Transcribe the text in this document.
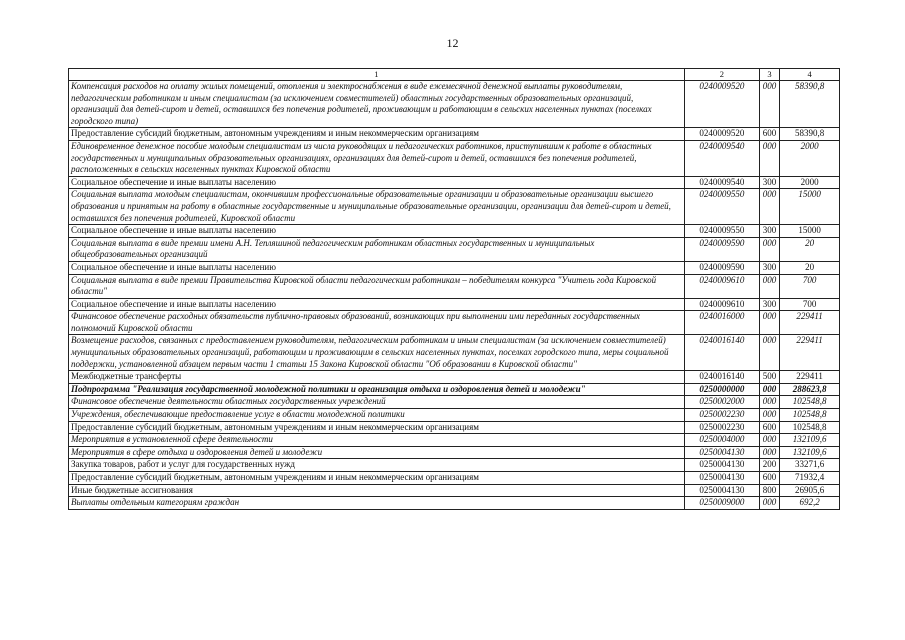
12
1	2	3	4
Компенсация расходов на оплату жилых помещений, отопления и электроснабжения в виде ежемесячной денежной выплаты руководителям, педагогическим работникам и иным специалистам (за исключением совместителей) областных государственных образовательных организаций, организаций для детей-сирот и детей, оставшихся без попечения родителей, проживающим и работающим в сельских населенных пунктах (поселках городского типа)	0240009520	000	58390,8
Предоставление субсидий бюджетным, автономным учреждениям и иным некоммерческим организациям	0240009520	600	58390,8
Единовременное денежное пособие молодым специалистам из числа руководящих и педагогических работников, приступившим к работе в областных государственных и муниципальных образовательных организациях, организациях для детей-сирот и детей, оставшихся без попечения родителей, расположенных в сельских населенных пунктах Кировской области	0240009540	000	2000
Социальное обеспечение и иные выплаты населению	0240009540	300	2000
Социальная выплата молодым специалистам, окончившим профессиональные образовательные организации и образовательные организации высшего образования и принятым на работу в областные государственные и муниципальные образовательные организации, организации для детей-сирот и детей, оставшихся без попечения родителей, Кировской области	0240009550	000	15000
Социальное обеспечение и иные выплаты населению	0240009550	300	15000
Социальная выплата в виде премии имени А.Н. Тепляшиной педагогическим работникам областных государственных и муниципальных общеобразовательных организаций	0240009590	000	20
Социальное обеспечение и иные выплаты населению	0240009590	300	20
Социальная выплата в виде премии Правительства Кировской области педагогическим работникам – победителям конкурса "Учитель года Кировской области"	0240009610	000	700
Социальное обеспечение и иные выплаты населению	0240009610	300	700
Финансовое обеспечение расходных обязательств публично-правовых образований, возникающих при выполнении ими переданных государственных полномочий Кировской области	0240016000	000	229411
Возмещение расходов, связанных с предоставлением руководителям, педагогическим работникам и иным специалистам (за исключением совместителей) муниципальных образовательных организаций, работающим и проживающим в сельских населенных пунктах, поселках городского типа, меры социальной поддержки, установленной абзацем первым части 1 статьи 15 Закона Кировской области "Об образовании в Кировской области"	0240016140	000	229411
Межбюджетные трансферты	0240016140	500	229411
Подпрограмма "Реализация государственной молодежной политики и организация отдыха и оздоровления детей и молодежи"	0250000000	000	288623,8
Финансовое обеспечение деятельности областных государственных учреждений	0250002000	000	102548,8
Учреждения, обеспечивающие предоставление услуг в области молодежной политики	0250002230	000	102548,8
Предоставление субсидий бюджетным, автономным учреждениям и иным некоммерческим организациям	0250002230	600	102548,8
Мероприятия в установленной сфере деятельности	0250004000	000	132109,6
Мероприятия в сфере отдыха и оздоровления детей и молодежи	0250004130	000	132109,6
Закупка товаров, работ и услуг для государственных нужд	0250004130	200	33271,6
Предоставление субсидий бюджетным, автономным учреждениям и иным некоммерческим организациям	0250004130	600	71932,4
Иные бюджетные ассигнования	0250004130	800	26905,6
Выплаты отдельным категориям граждан	0250009000	000	692,2
